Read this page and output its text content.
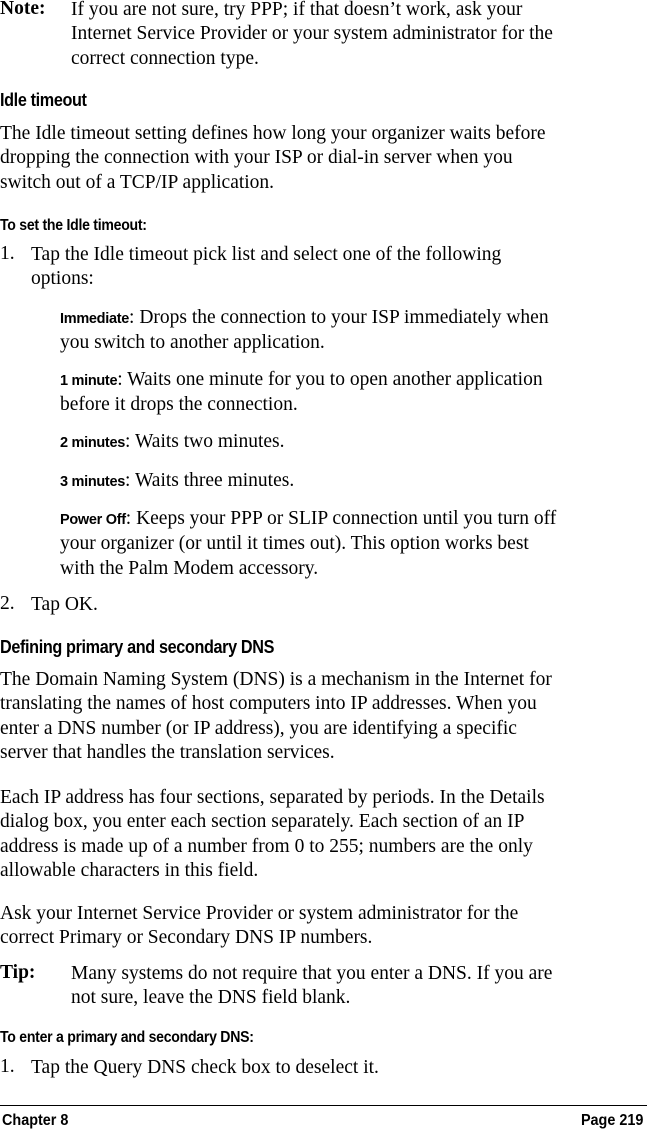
Note: If you are not sure, try PPP; if that doesn’t work, ask your
Internet Service Provider or your system administrator for the
correct connection type.
Idle timeout
The Idle timeout setting defines how long your organizer waits before
dropping the connection with your ISP or dial-in server when you
switch out of a TCP/IP application.
To set the Idle timeout:
1. Tap the Idle timeout pick list and select one of the following
options:
Immediate: Drops the connection to your ISP immediately when
you switch to another application.
1 minute: Waits one minute for you to open another application
before it drops the connection.
2 minutes: Waits two minutes.
3 minutes: Waits three minutes.
Power Off: Keeps your PPP or SLIP connection until you turn off
your organizer (or until it times out). This option works best
with the Palm Modem accessory.
2. Tap OK.
Defining primary and secondary DNS
The Domain Naming System (DNS) is a mechanism in the Internet for
translating the names of host computers into IP addresses. When you
enter a DNS number (or IP address), you are identifying a specific
server that handles the translation services.
Each IP address has four sections, separated by periods. In the Details
dialog box, you enter each section separately. Each section of an IP
address is made up of a number from 0 to 255; numbers are the only
allowable characters in this field.
Ask your Internet Service Provider or system administrator for the
correct Primary or Secondary DNS IP numbers.
Tip: Many systems do not require that you enter a DNS. If you are
not sure, leave the DNS field blank.
To enter a primary and secondary DNS:
1. Tap the Query DNS check box to deselect it.
Chapter 8	Page 219
